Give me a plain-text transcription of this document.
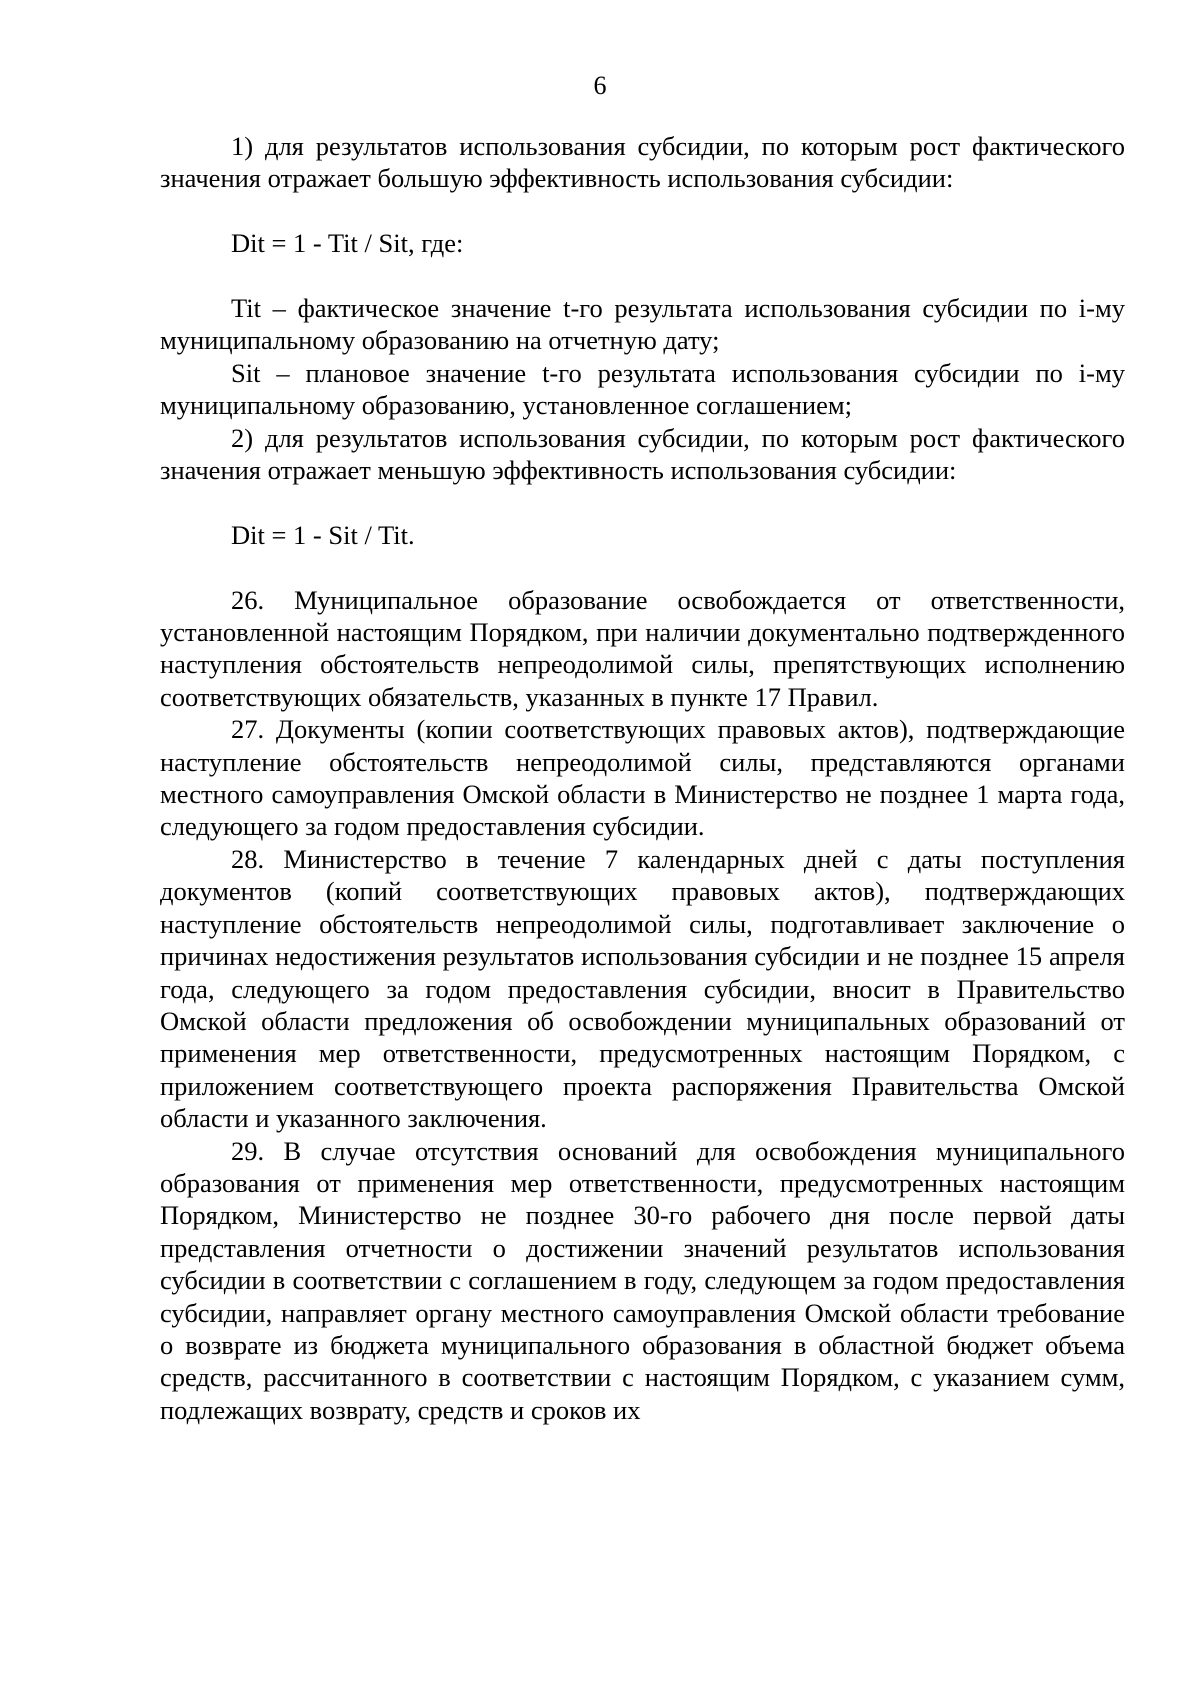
6

1) для результатов использования субсидии, по которым рост фактического значения отражает большую эффективность использования субсидии:

Dit = 1 - Tit / Sit, где:

Tit – фактическое значение t-го результата использования субсидии по i-му муниципальному образованию на отчетную дату;

Sit – плановое значение t-го результата использования субсидии по i-му муниципальному образованию, установленное соглашением;

2) для результатов использования субсидии, по которым рост фактического значения отражает меньшую эффективность использования субсидии:

Dit = 1 - Sit / Tit.

26. Муниципальное образование освобождается от ответственности, установленной настоящим Порядком, при наличии документально подтвержденного наступления обстоятельств непреодолимой силы, препятствующих исполнению соответствующих обязательств, указанных в пункте 17 Правил.

27. Документы (копии соответствующих правовых актов), подтверждающие наступление обстоятельств непреодолимой силы, представляются органами местного самоуправления Омской области в Министерство не позднее 1 марта года, следующего за годом предоставления субсидии.

28. Министерство в течение 7 календарных дней с даты поступления документов (копий соответствующих правовых актов), подтверждающих наступление обстоятельств непреодолимой силы, подготавливает заключение о причинах недостижения результатов использования субсидии и не позднее 15 апреля года, следующего за годом предоставления субсидии, вносит в Правительство Омской области предложения об освобождении муниципальных образований от применения мер ответственности, предусмотренных настоящим Порядком, с приложением соответствующего проекта распоряжения Правительства Омской области и указанного заключения.

29. В случае отсутствия оснований для освобождения муниципального образования от применения мер ответственности, предусмотренных настоящим Порядком, Министерство не позднее 30-го рабочего дня после первой даты представления отчетности о достижении значений результатов использования субсидии в соответствии с соглашением в году, следующем за годом предоставления субсидии, направляет органу местного самоуправления Омской области требование о возврате из бюджета муниципального образования в областной бюджет объема средств, рассчитанного в соответствии с настоящим Порядком, с указанием сумм, подлежащих возврату, средств и сроков их
